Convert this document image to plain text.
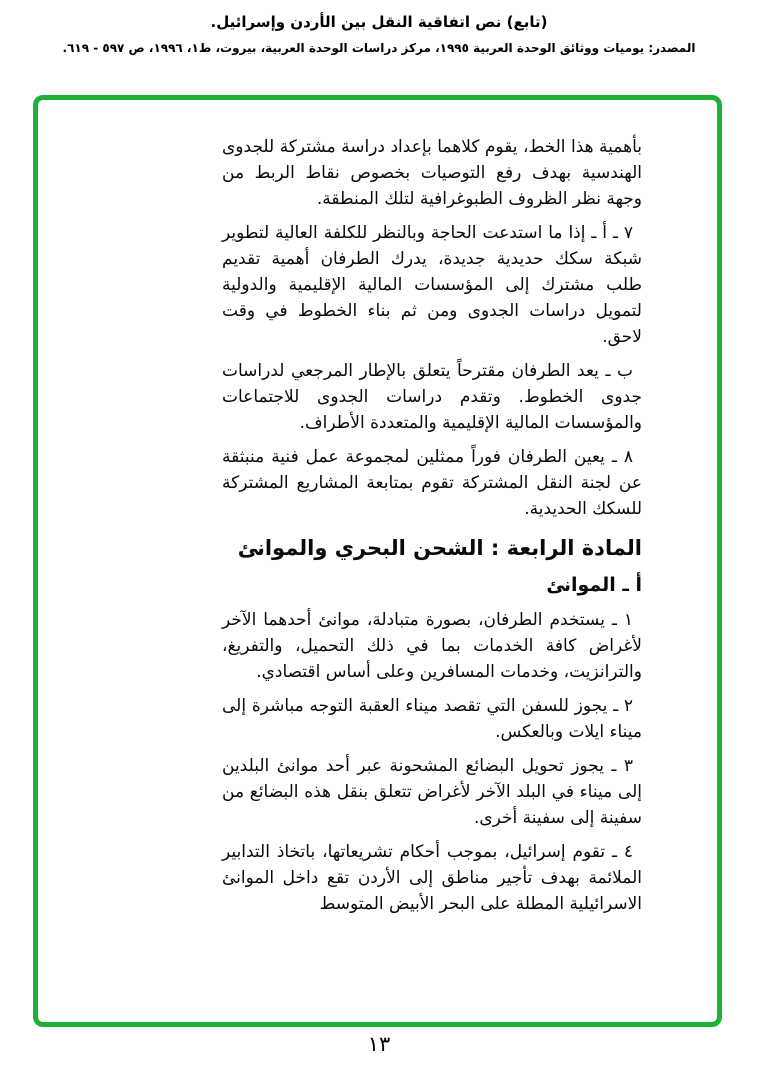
(تابع) نص اتفاقية النقل بين الأردن وإسرائيل.
المصدر: يوميات ووثائق الوحدة العربية ١٩٩٥، مركز دراسات الوحدة العربية، بيروت، ط١، ١٩٩٦، ص ٥٩٧ - ٦١٩.

بأهمية هذا الخط، يقوم كلاهما بإعداد دراسة مشتركة للجدوى الهندسية بهدف رفع التوصيات بخصوص نقاط الربط من وجهة نظر الظروف الطبوغرافية لتلك المنطقة.

٧ ـ أ ـ إذا ما استدعت الحاجة وبالنظر للكلفة العالية لتطوير شبكة سكك حديدية جديدة، يدرك الطرفان أهمية تقديم طلب مشترك إلى المؤسسات المالية الإقليمية والدولية لتمويل دراسات الجدوى ومن ثم بناء الخطوط في وقت لاحق.

ب ـ يعد الطرفان مقترحاً يتعلق بالإطار المرجعي لدراسات جدوى الخطوط. وتقدم دراسات الجدوى للاجتماعات والمؤسسات المالية الإقليمية والمتعددة الأطراف.

٨ ـ يعين الطرفان فوراً ممثلين لمجموعة عمل فنية منبثقة عن لجنة النقل المشتركة تقوم بمتابعة المشاريع المشتركة للسكك الحديدية.

المادة الرابعة : الشحن البحري والموانئ
أ ـ الموانئ

١ ـ يستخدم الطرفان، بصورة متبادلة، موانئ أحدهما الآخر لأغراض كافة الخدمات بما في ذلك التحميل، والتفريغ، والترانزيت، وخدمات المسافرين وعلى أساس اقتصادي.

٢ ـ يجوز للسفن التي تقصد ميناء العقبة التوجه مباشرة إلى ميناء ايلات وبالعكس.

٣ ـ يجوز تحويل البضائع المشحونة عبر أحد موانئ البلدين إلى ميناء في البلد الآخر لأغراض تتعلق بنقل هذه البضائع من سفينة إلى سفينة أخرى.

٤ ـ تقوم إسرائيل، بموجب أحكام تشريعاتها، باتخاذ التدابير الملائمة بهدف تأجير مناطق إلى الأردن تقع داخل الموانئ الاسرائيلية المطلة على البحر الأبيض المتوسط

١٣
